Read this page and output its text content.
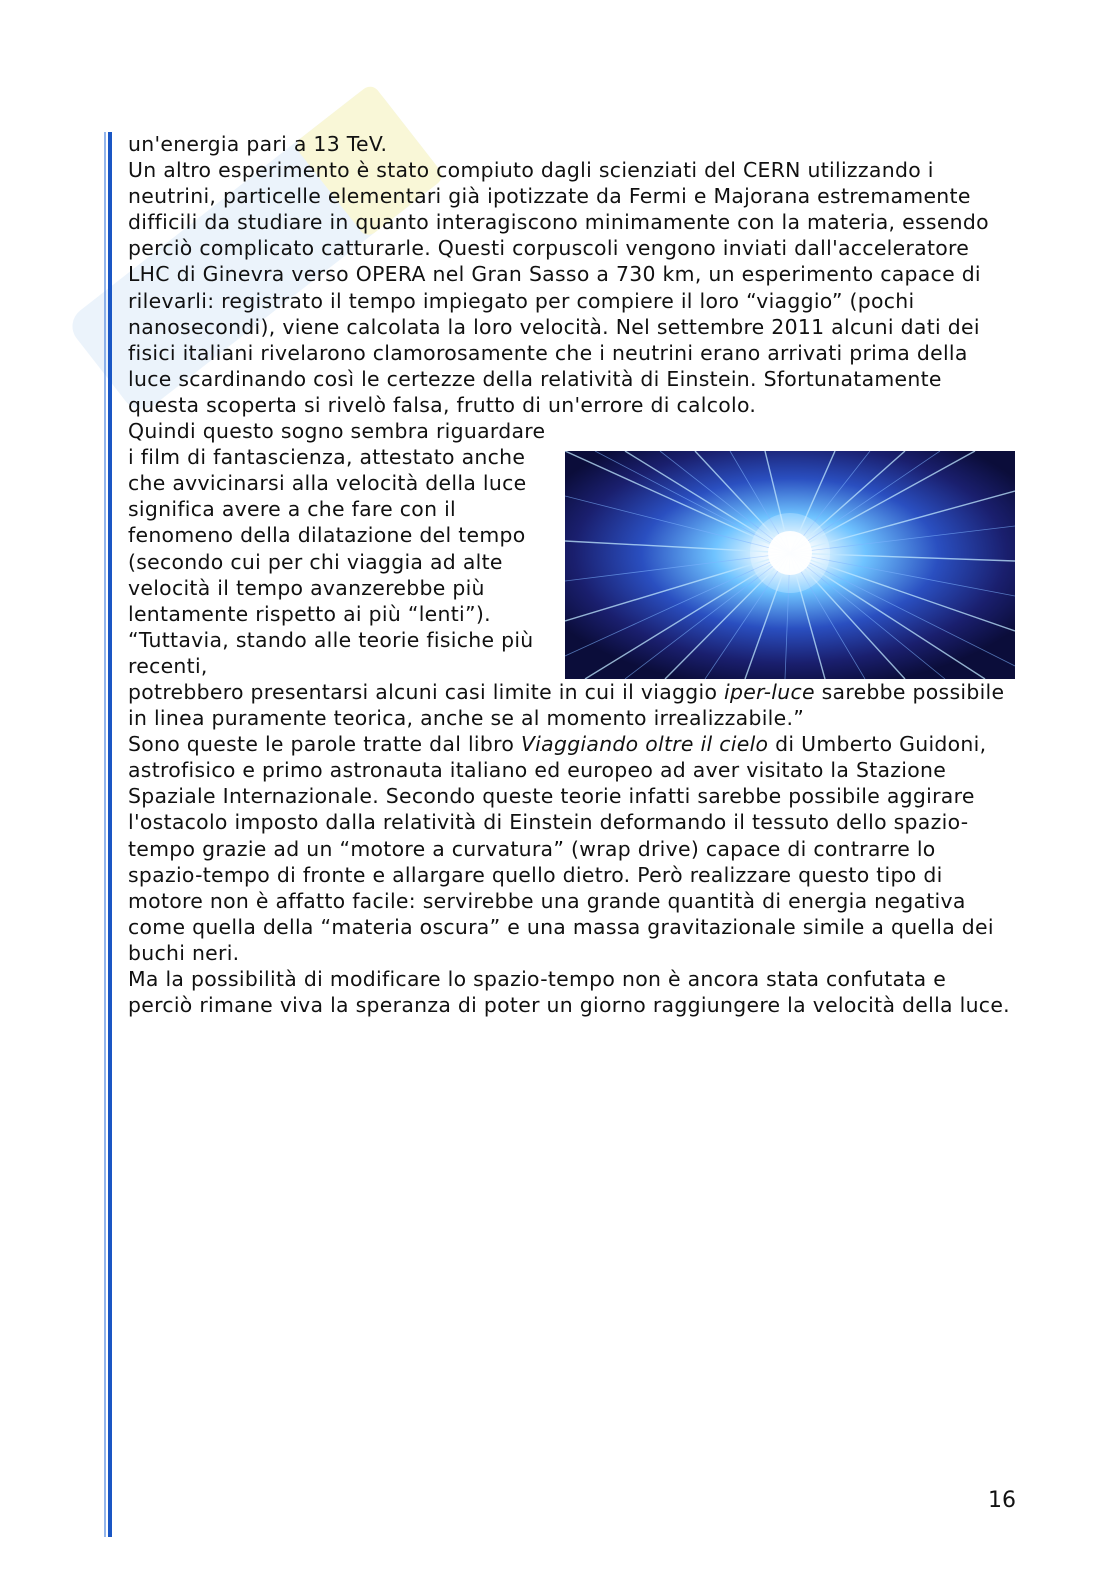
un'energia pari a 13 TeV.

Un altro esperimento è stato compiuto dagli scienziati del CERN utilizzando i neutrini, particelle elementari già ipotizzate da Fermi e Majorana estremamente difficili da studiare in quanto interagiscono minimamente con la materia, essendo perciò complicato catturarle. Questi corpuscoli vengono inviati dall'acceleratore LHC di Ginevra verso OPERA nel Gran Sasso a 730 km, un esperimento capace di rilevarli: registrato il tempo impiegato per compiere il loro “viaggio” (pochi nanosecondi), viene calcolata la loro velocità. Nel settembre 2011 alcuni dati dei fisici italiani rivelarono clamorosamente che i neutrini erano arrivati prima della luce scardinando così le certezze della relatività di Einstein. Sfortunatamente questa scoperta si rivelò falsa, frutto di un'errore di calcolo.

Quindi questo sogno sembra riguardare i film di fantascienza, attestato anche che avvicinarsi alla velocità della luce significa avere a che fare con il fenomeno della dilatazione del tempo (secondo cui per chi viaggia ad alte velocità il tempo avanzerebbe più lentamente rispetto ai più “lenti”). “Tuttavia, stando alle teorie fisiche più recenti,

potrebbero presentarsi alcuni casi limite in cui il viaggio iper-luce sarebbe possibile in linea puramente teorica, anche se al momento irrealizzabile.”

Sono queste le parole tratte dal libro Viaggiando oltre il cielo di Umberto Guidoni, astrofisico e primo astronauta italiano ed europeo ad aver visitato la Stazione Spaziale Internazionale. Secondo queste teorie infatti sarebbe possibile aggirare l'ostacolo imposto dalla relatività di Einstein deformando il tessuto dello spazio-tempo grazie ad un “motore a curvatura” (wrap drive) capace di contrarre lo spazio-tempo di fronte e allargare quello dietro. Però realizzare questo tipo di motore non è affatto facile: servirebbe una grande quantità di energia negativa come quella della “materia oscura” e una massa gravitazionale simile a quella dei buchi neri.

Ma la possibilità di modificare lo spazio-tempo non è ancora stata confutata e perciò rimane viva la speranza di poter un giorno raggiungere la velocità della luce.

16
